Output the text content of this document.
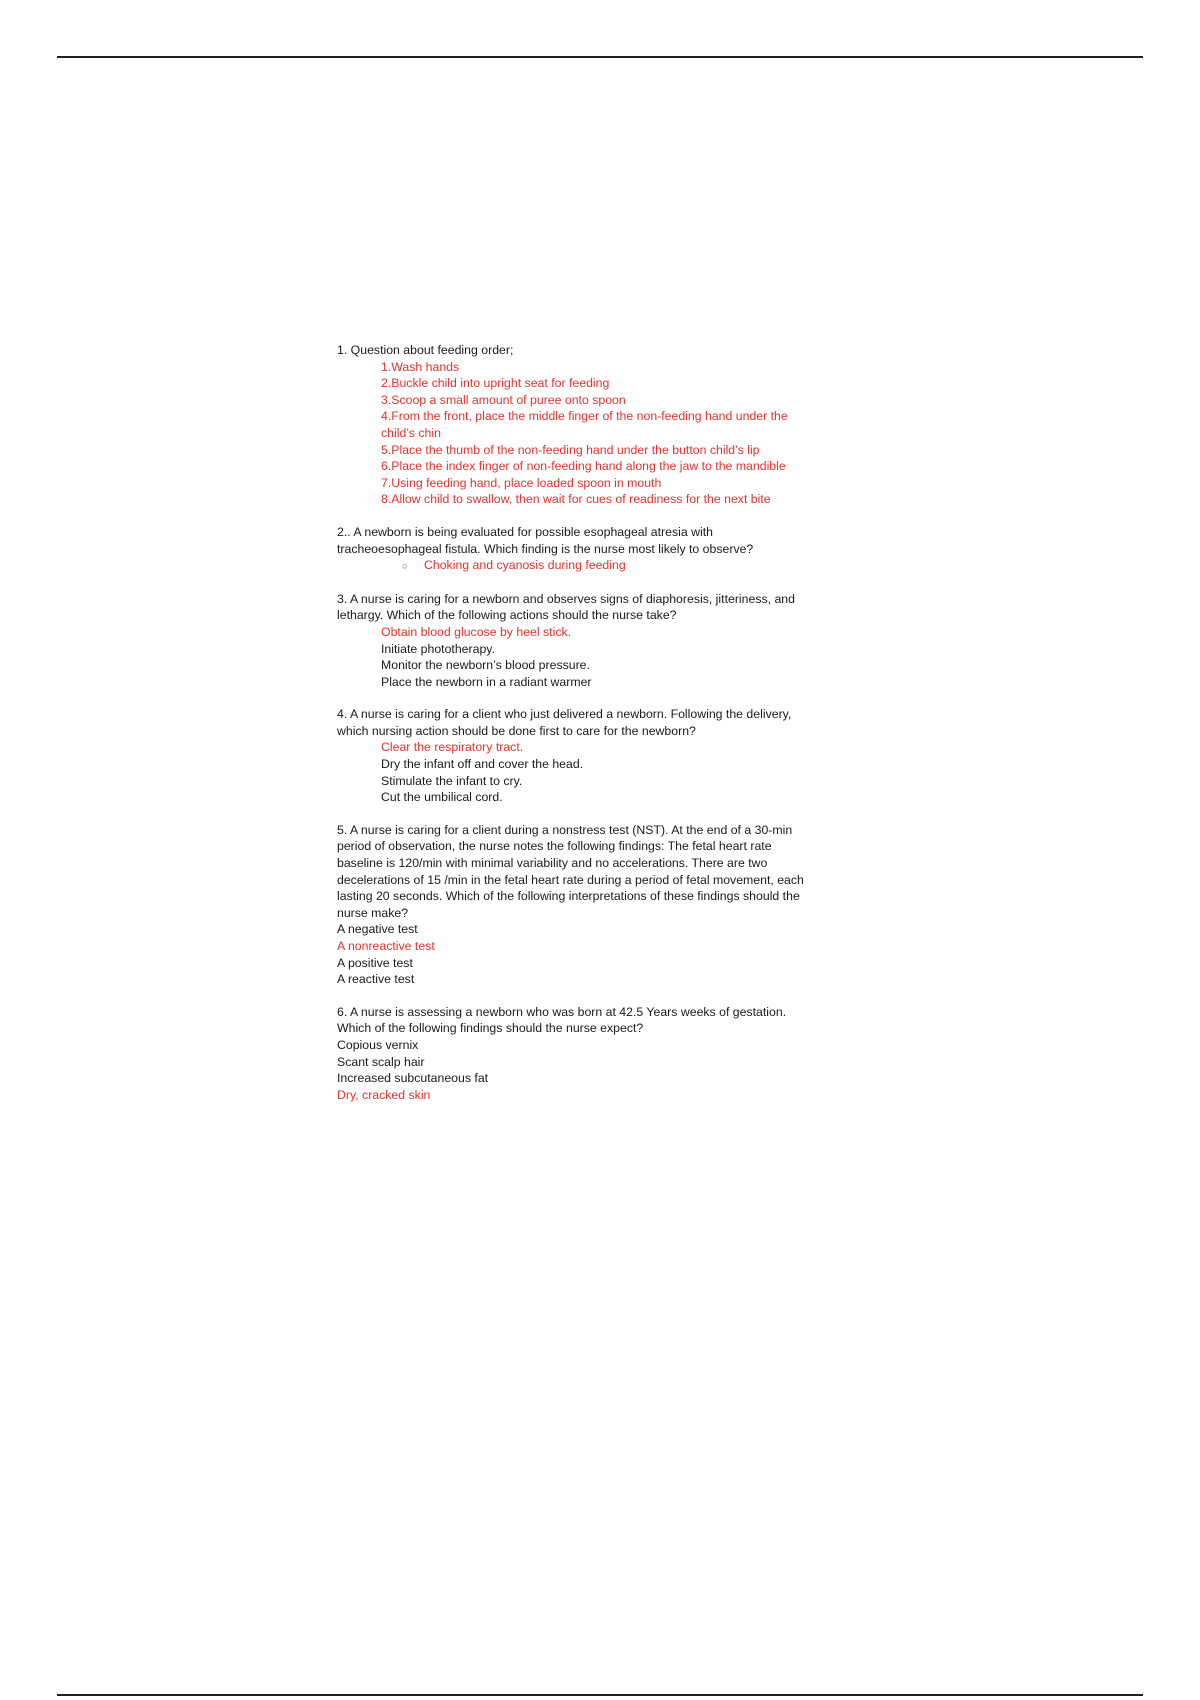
1. Question about feeding order;
1.Wash hands
2.Buckle child into upright seat for feeding
3.Scoop a small amount of puree onto spoon
4.From the front, place the middle finger of the non-feeding hand under the
child’s chin
5.Place the thumb of the non-feeding hand under the button child’s lip
6.Place the index finger of non-feeding hand along the jaw to the mandible
7.Using feeding hand, place loaded spoon in mouth
8.Allow child to swallow, then wait for cues of readiness for the next bite
2.. A newborn is being evaluated for possible esophageal atresia with
tracheoesophageal fistula. Which finding is the nurse most likely to observe?
○	Choking and cyanosis during feeding
3. A nurse is caring for a newborn and observes signs of diaphoresis, jitteriness, and
lethargy. Which of the following actions should the nurse take?
Obtain blood glucose by heel stick.
Initiate phototherapy.
Monitor the newborn’s blood pressure.
Place the newborn in a radiant warmer
4. A nurse is caring for a client who just delivered a newborn. Following the delivery,
which nursing action should be done first to care for the newborn?
Clear the respiratory tract.
Dry the infant off and cover the head.
Stimulate the infant to cry.
Cut the umbilical cord.
5. A nurse is caring for a client during a nonstress test (NST). At the end of a 30-min
period of observation, the nurse notes the following findings: The fetal heart rate
baseline is 120/min with minimal variability and no accelerations. There are two
decelerations of 15 /min in the fetal heart rate during a period of fetal movement, each
lasting 20 seconds. Which of the following interpretations of these findings should the
nurse make?
A negative test
A nonreactive test
A positive test
A reactive test
6. A nurse is assessing a newborn who was born at 42.5 Years weeks of gestation.
Which of the following findings should the nurse expect?
Copious vernix
Scant scalp hair
Increased subcutaneous fat
Dry, cracked skin
